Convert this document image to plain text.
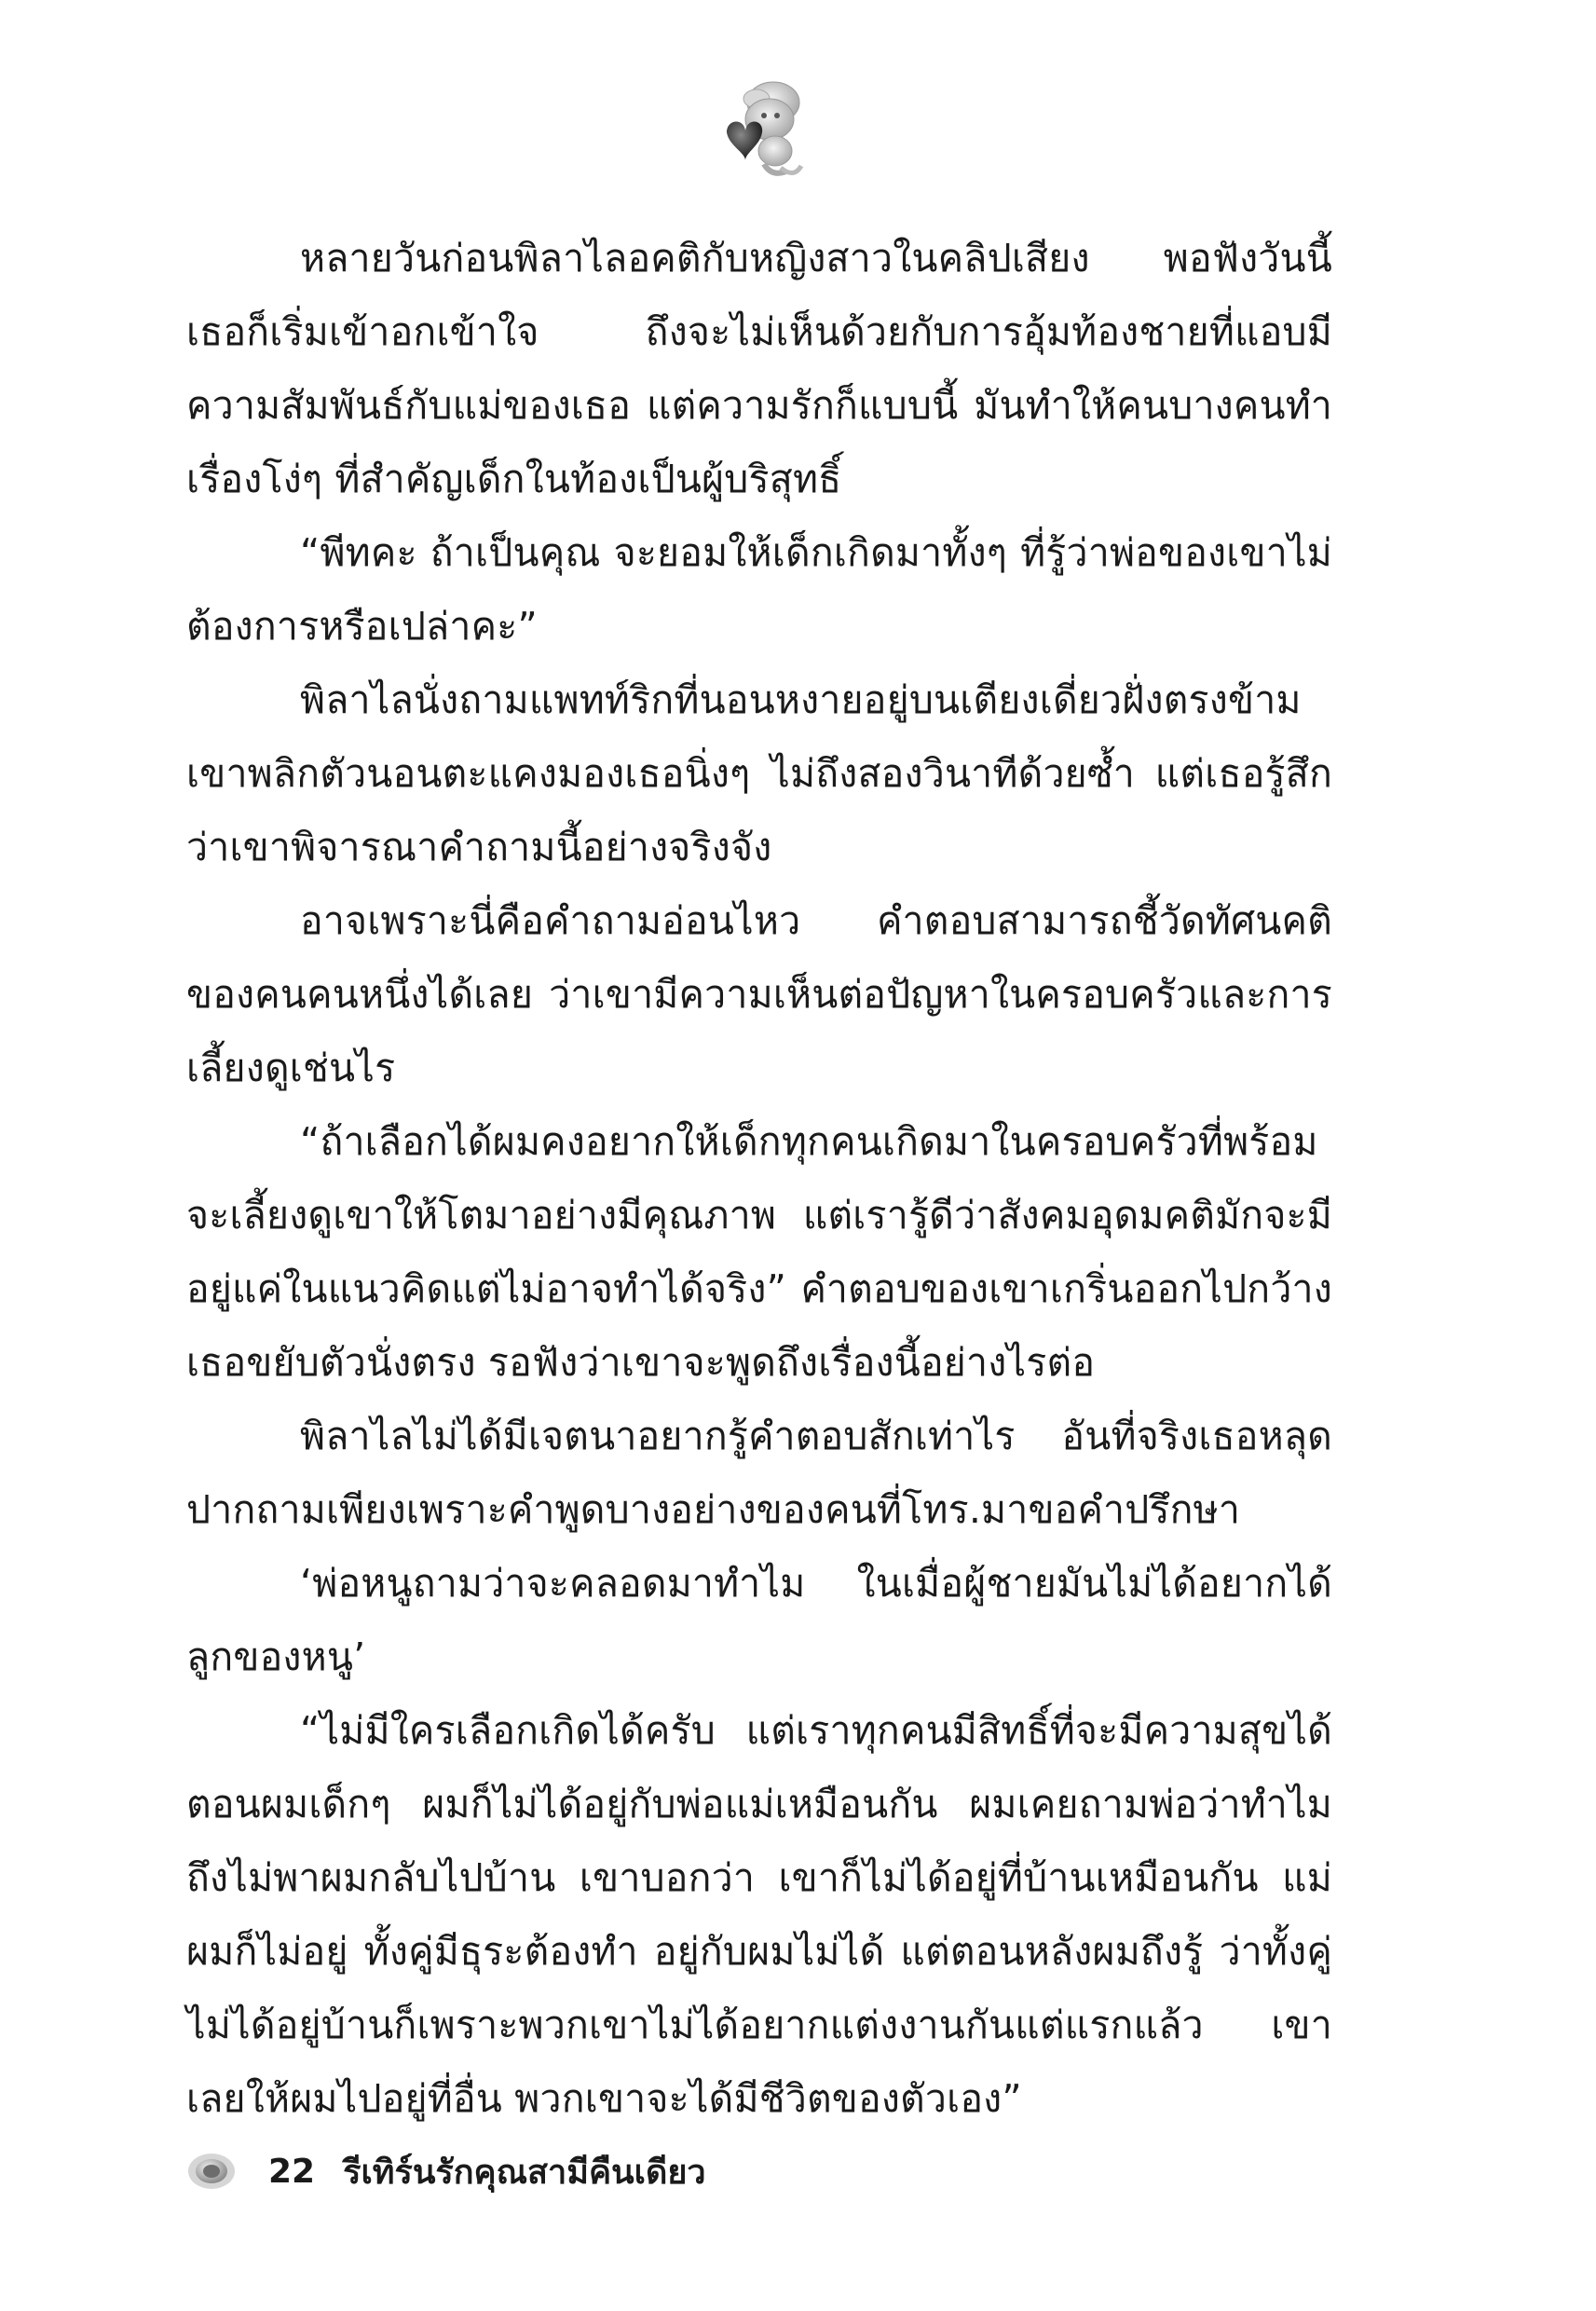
หลายวันก่อนพิลาไลอคติกับหญิงสาวในคลิปเสียง พอฟังวันนี้ เธอก็เริ่มเข้าอกเข้าใจ ถึงจะไม่เห็นด้วยกับการอุ้มท้องชายที่แอบมีความสัมพันธ์กับแม่ของเธอ แต่ความรักก็แบบนี้ มันทำให้คนบางคนทำเรื่องโง่ๆ ที่สำคัญเด็กในท้องเป็นผู้บริสุทธิ์

“พีทคะ ถ้าเป็นคุณ จะยอมให้เด็กเกิดมาทั้งๆ ที่รู้ว่าพ่อของเขาไม่ต้องการหรือเปล่าคะ”

พิลาไลนั่งถามแพทท์ริกที่นอนหงายอยู่บนเตียงเดี่ยวฝั่งตรงข้าม เขาพลิกตัวนอนตะแคงมองเธอนิ่งๆ ไม่ถึงสองวินาทีด้วยซ้ำ แต่เธอรู้สึกว่าเขาพิจารณาคำถามนี้อย่างจริงจัง

อาจเพราะนี่คือคำถามอ่อนไหว คำตอบสามารถชี้วัดทัศนคติของคนคนหนึ่งได้เลย ว่าเขามีความเห็นต่อปัญหาในครอบครัวและการเลี้ยงดูเช่นไร

“ถ้าเลือกได้ผมคงอยากให้เด็กทุกคนเกิดมาในครอบครัวที่พร้อมจะเลี้ยงดูเขาให้โตมาอย่างมีคุณภาพ แต่เรารู้ดีว่าสังคมอุดมคติมักจะมีอยู่แค่ในแนวคิดแต่ไม่อาจทำได้จริง” คำตอบของเขาเกริ่นออกไปกว้าง เธอขยับตัวนั่งตรง รอฟังว่าเขาจะพูดถึงเรื่องนี้อย่างไรต่อ

พิลาไลไม่ได้มีเจตนาอยากรู้คำตอบสักเท่าไร อันที่จริงเธอหลุดปากถามเพียงเพราะคำพูดบางอย่างของคนที่โทร.มาขอคำปรึกษา

‘พ่อหนูถามว่าจะคลอดมาทำไม ในเมื่อผู้ชายมันไม่ได้อยากได้ลูกของหนู’

“ไม่มีใครเลือกเกิดได้ครับ แต่เราทุกคนมีสิทธิ์ที่จะมีความสุขได้ ตอนผมเด็กๆ ผมก็ไม่ได้อยู่กับพ่อแม่เหมือนกัน ผมเคยถามพ่อว่าทำไมถึงไม่พาผมกลับไปบ้าน เขาบอกว่า เขาก็ไม่ได้อยู่ที่บ้านเหมือนกัน แม่ผมก็ไม่อยู่ ทั้งคู่มีธุระต้องทำ อยู่กับผมไม่ได้ แต่ตอนหลังผมถึงรู้ ว่าทั้งคู่ไม่ได้อยู่บ้านก็เพราะพวกเขาไม่ได้อยากแต่งงานกันแต่แรกแล้ว เขาเลยให้ผมไปอยู่ที่อื่น พวกเขาจะได้มีชีวิตของตัวเอง”

22 รีเทิร์นรักคุณสามีคืนเดียว
